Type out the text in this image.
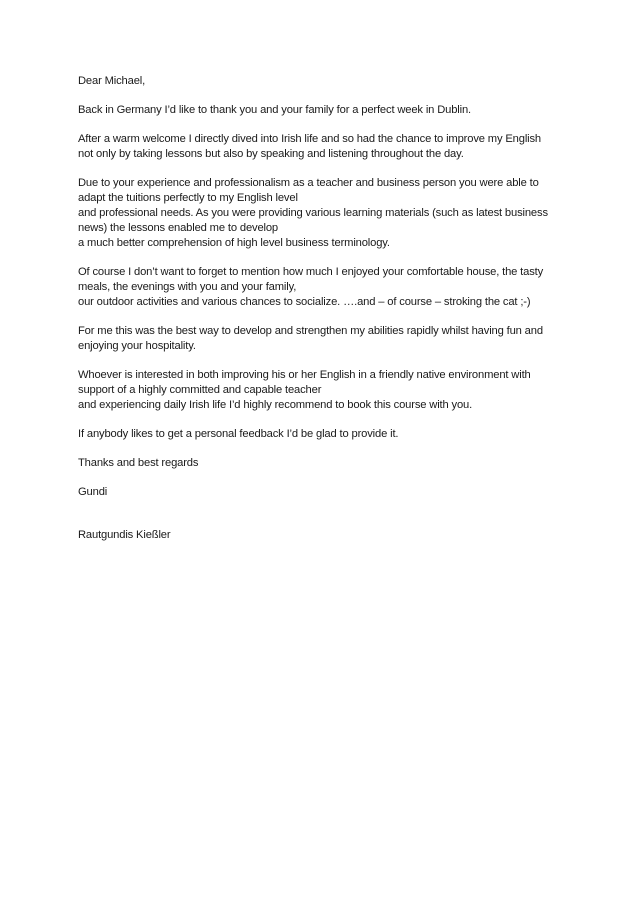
Dear Michael,

Back in Germany I’d like to thank you and your family for a perfect week in Dublin.

After a warm welcome I directly dived into Irish life and so had the chance to improve my English
not only by taking lessons but also by speaking and listening throughout the day.

Due to your experience and professionalism as a teacher and business person you were able to
adapt the tuitions perfectly to my English level
and professional needs. As you were providing various learning materials (such as latest business
news) the lessons enabled me to develop
a much better comprehension of high level business terminology.

Of course I don’t want to forget to mention how much I enjoyed your comfortable house, the tasty
meals, the evenings with you and your family,
our outdoor activities and various chances to socialize. ….and – of course – stroking the cat ;-)

For me this was the best way to develop and strengthen my abilities rapidly whilst having fun and
enjoying your hospitality.

Whoever is interested in both improving his or her English in a friendly native environment with
support of a highly committed and capable teacher
and experiencing daily Irish life I’d highly recommend to book this course with you.

If anybody likes to get a personal feedback I’d be glad to provide it.

Thanks and best regards

Gundi

Rautgundis Kießler
